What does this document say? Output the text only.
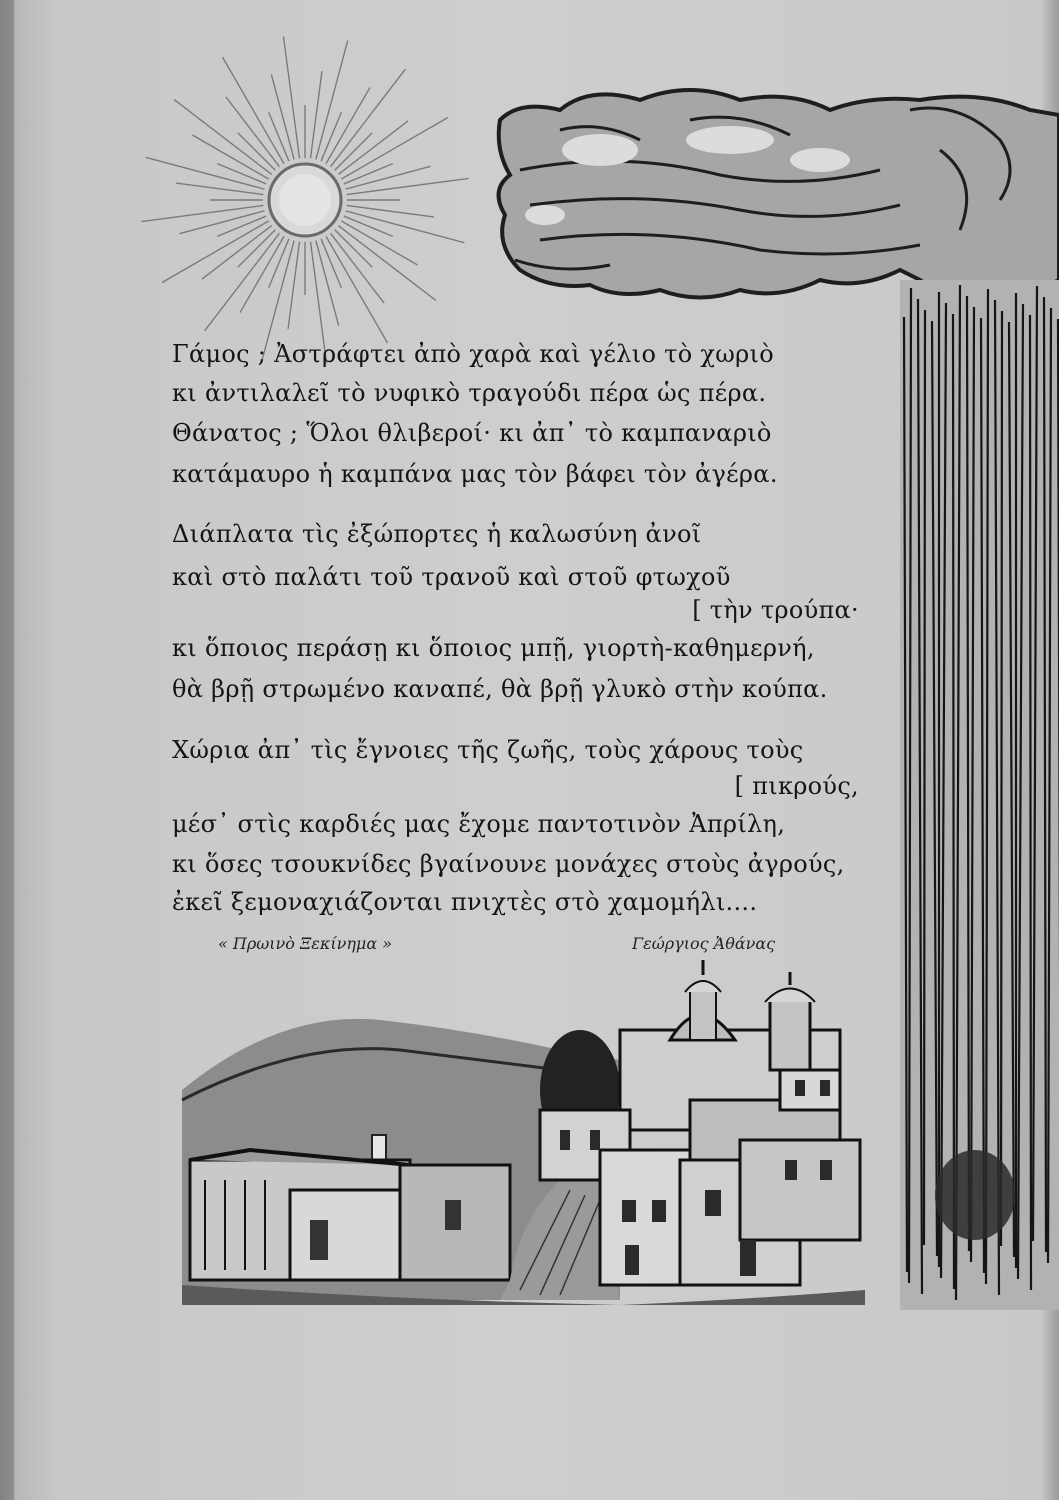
Γάμος ; Ἀστράφτει ἀπὸ χαρὰ καὶ γέλιο τὸ χωριὸ

κι ἀντιλαλεῖ τὸ νυφικὸ τραγούδι πέρα ὡς πέρα.

Θάνατος ; Ὅλοι θλιβεροί· κι ἀπ᾽ τὸ καμπαναριὸ

κατάμαυρο ἡ καμπάνα μας τὸν βάφει τὸν ἀγέρα.

Διάπλατα τὶς ἐξώπορτες ἡ καλωσύνη ἀνοῖ

καὶ στὸ παλάτι τοῦ τρανοῦ καὶ στοῦ φτωχοῦ

[ τὴν τρούπα·

κι ὅποιος περάσῃ κι ὅποιος μπῇ, γιορτὴ-καθημερνή,

θὰ βρῇ στρωμένο καναπέ, θὰ βρῇ γλυκὸ στὴν κούπα.

Χώρια ἀπ᾽ τὶς ἔγνοιες τῆς ζωῆς, τοὺς χάρους τοὺς

[ πικρούς,

μέσ᾽ στὶς καρδιές μας ἔχομε παντοτινὸν Ἀπρίλη,

κι ὅσες τσουκνίδες βγαίνουνε μονάχες στοὺς ἀγρούς,

ἐκεῖ ξεμοναχιάζονται πνιχτὲς στὸ χαμομήλι....

« Πρωινὸ Ξεκίνημα »	Γεώργιος Ἀθάνας
